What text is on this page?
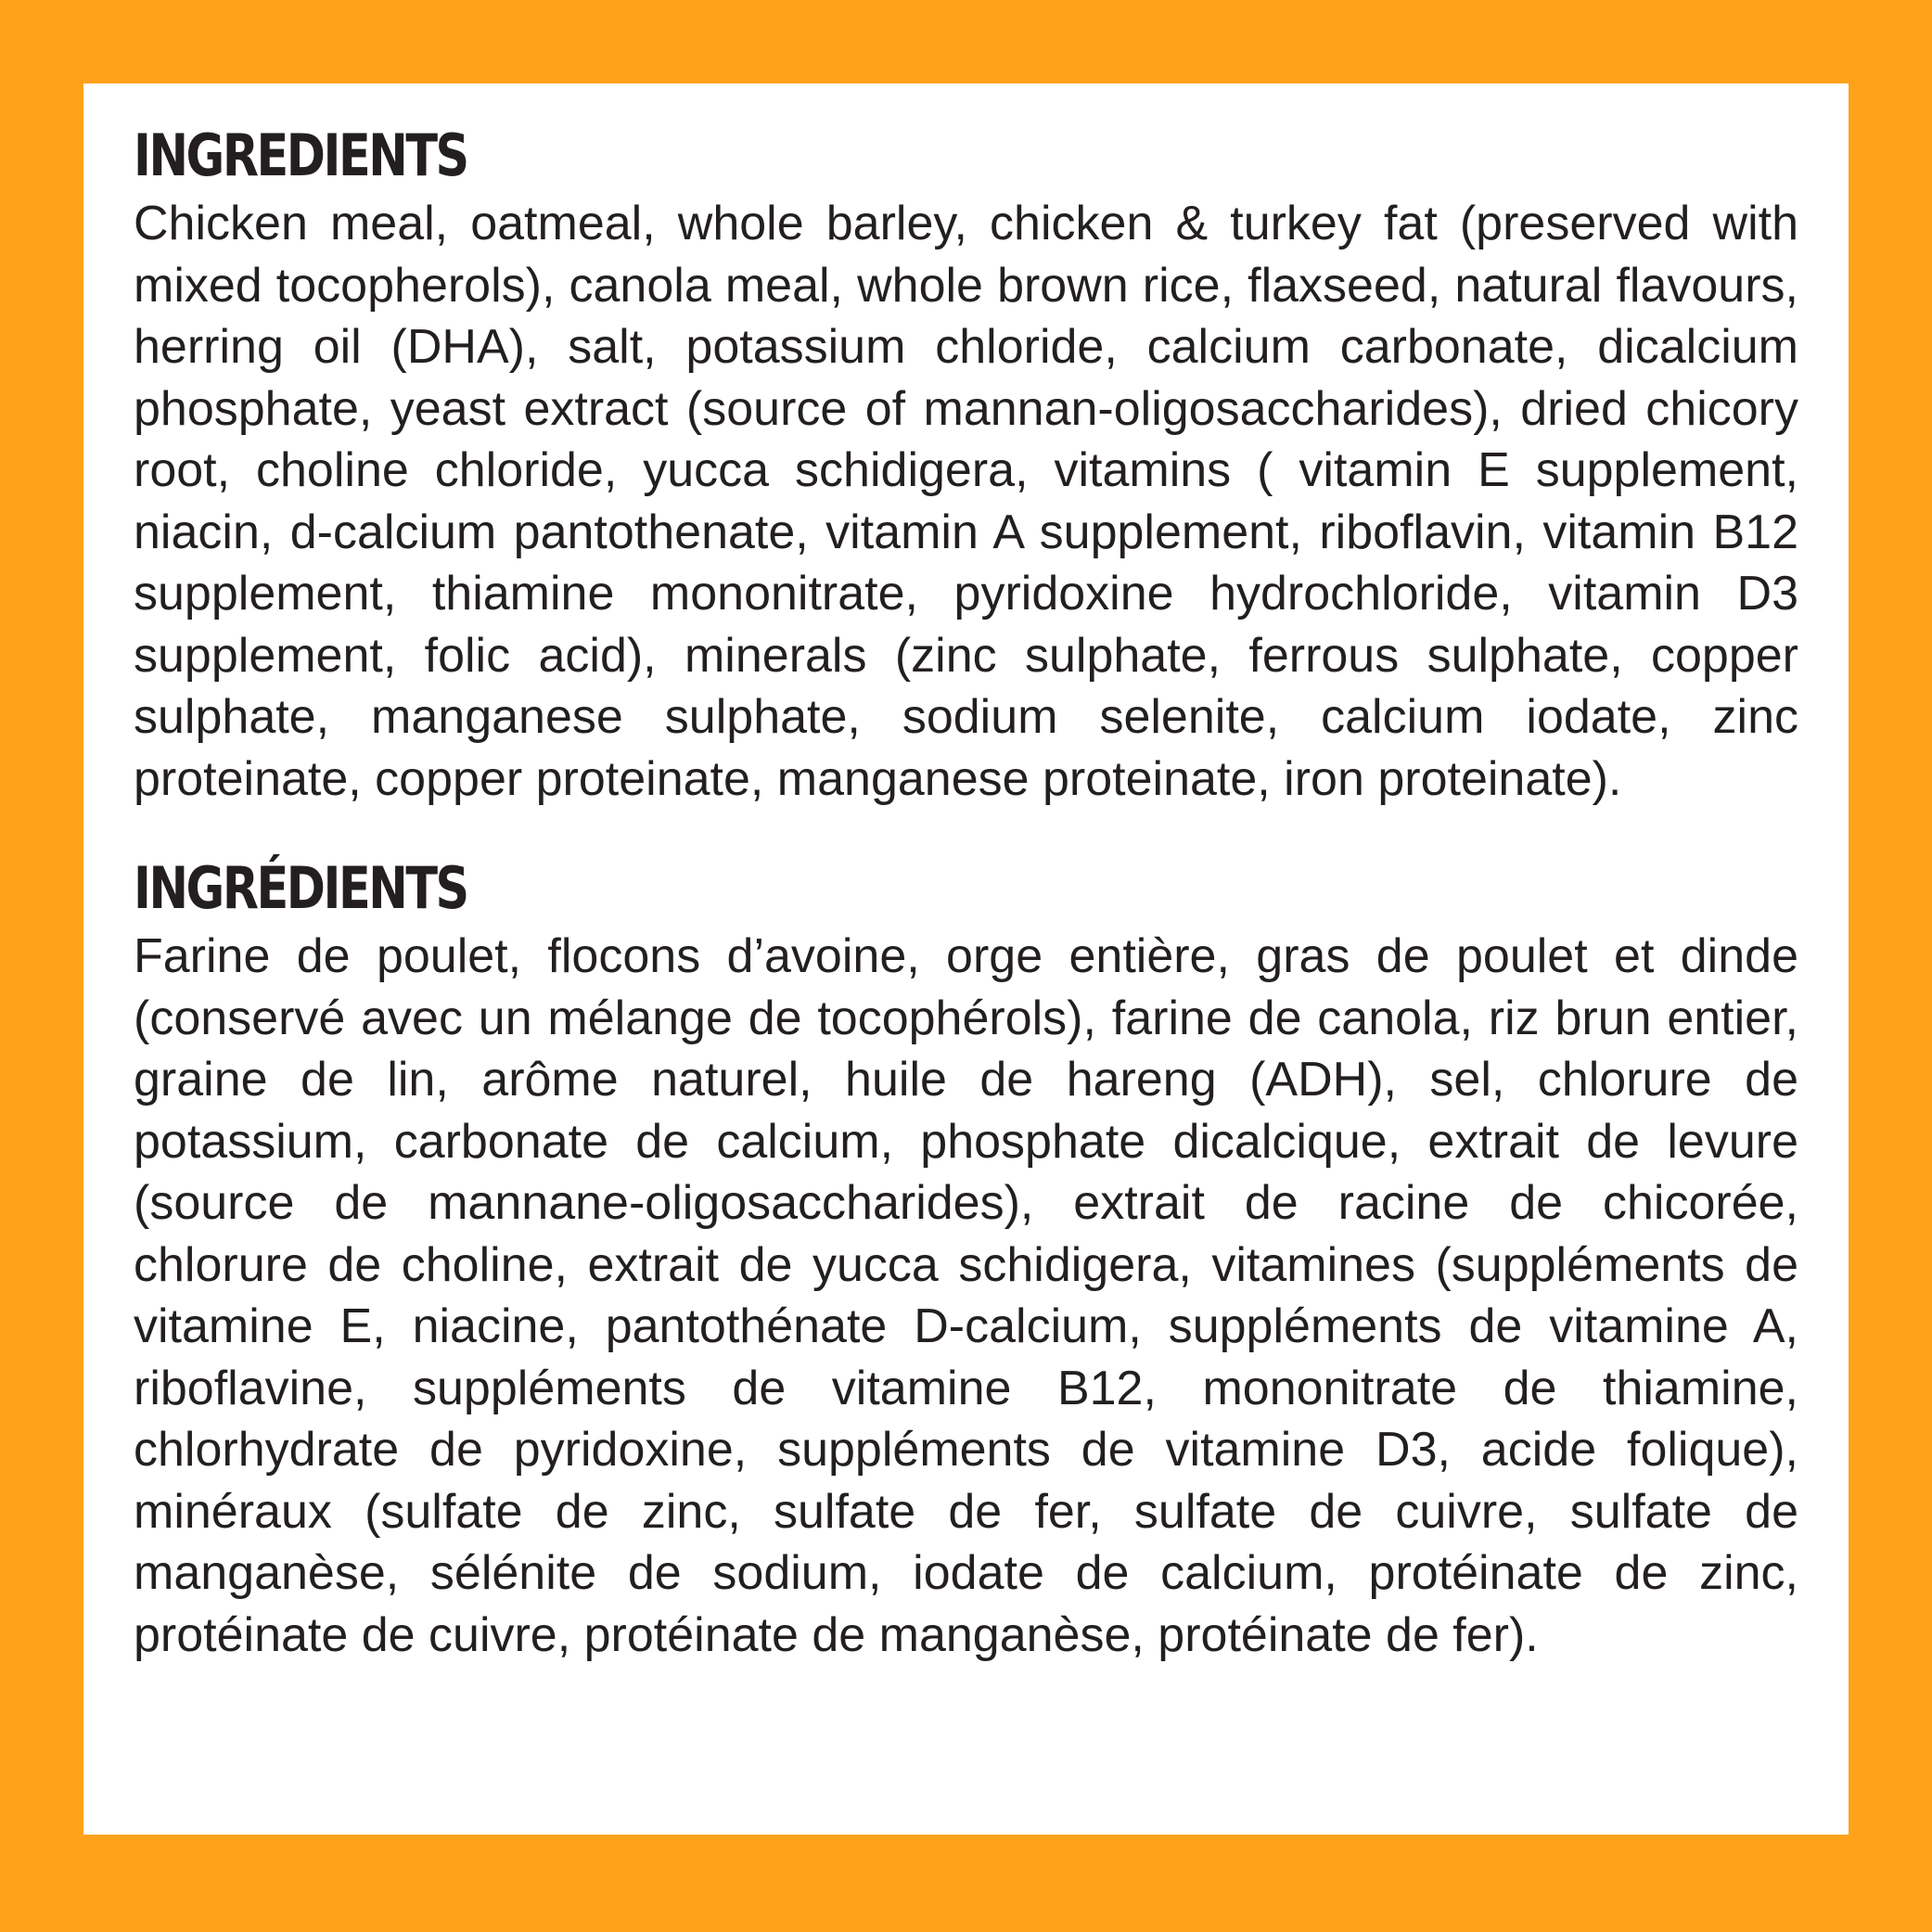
INGREDIENTS

Chicken meal, oatmeal, whole barley, chicken & turkey fat (preserved with mixed tocopherols), canola meal, whole brown rice, flaxseed, natural flavours, herring oil (DHA), salt, potassium chloride, calcium carbonate, dicalcium phosphate, yeast extract (source of mannan-oligosaccharides), dried chicory root, choline chloride, yucca schidigera, vitamins ( vitamin E supplement, niacin, d-calcium pantothenate, vitamin A supplement, riboflavin, vitamin B12 supplement, thiamine mononitrate, pyridoxine hydrochloride, vitamin D3 supplement, folic acid), minerals (zinc sulphate, ferrous sulphate, copper sulphate, manganese sulphate, sodium selenite, calcium iodate, zinc proteinate, copper proteinate, manganese proteinate, iron proteinate).

INGRÉDIENTS

Farine de poulet, flocons d’avoine, orge entière, gras de poulet et dinde (conservé avec un mélange de tocophérols), farine de canola, riz brun entier, graine de lin, arôme naturel, huile de hareng (ADH), sel, chlorure de potassium, carbonate de calcium, phosphate dicalcique, extrait de levure (source de mannane-oligosaccharides), extrait de racine de chicorée, chlorure de choline, extrait de yucca schidigera, vitamines (suppléments de vitamine E, niacine, pantothénate D-calcium, suppléments de vitamine A, riboflavine, suppléments de vitamine B12, mononitrate de thiamine, chlorhydrate de pyridoxine, suppléments de vitamine D3, acide folique), minéraux (sulfate de zinc, sulfate de fer, sulfate de cuivre, sulfate de manganèse, sélénite de sodium, iodate de calcium, protéinate de zinc, protéinate de cuivre, protéinate de manganèse, protéinate de fer).
